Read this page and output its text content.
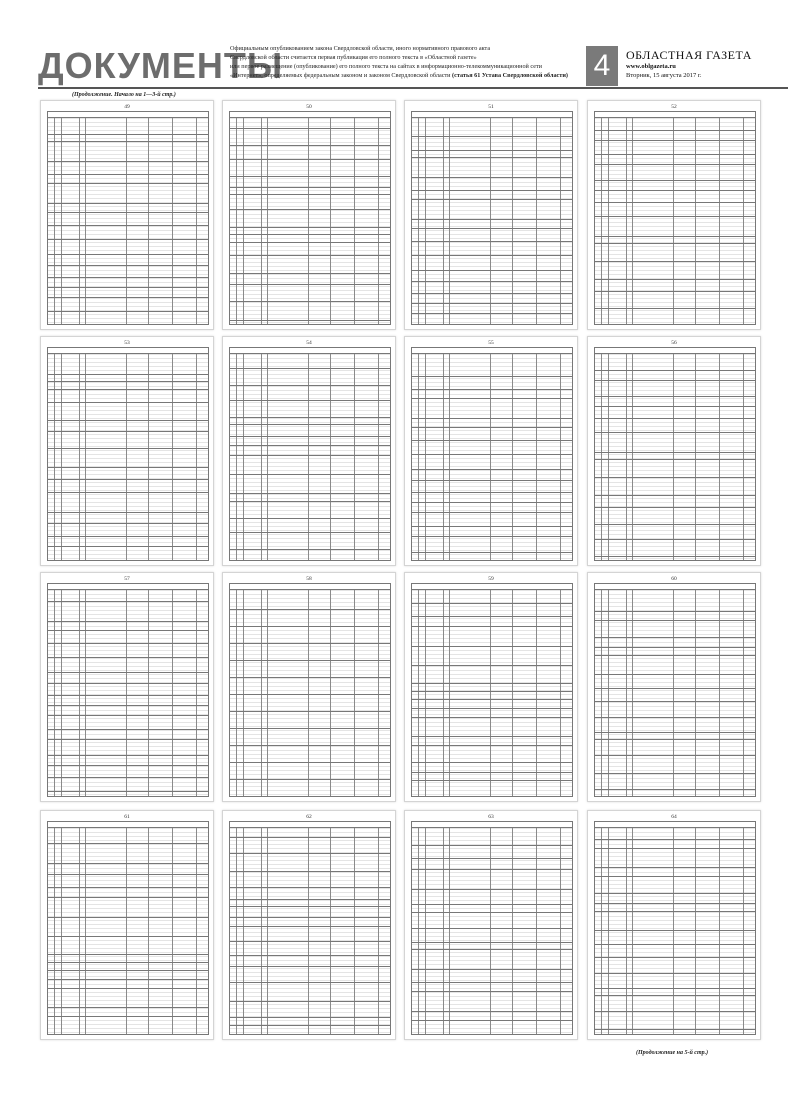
ДОКУМЕНТЫ
Официальным опубликованием закона Свердловской области, иного нормативного правового акта
Свердловской области считается первая публикация его полного текста в «Областной газете»
или первое размещение (опубликование) его полного текста на сайтах в информационно-телекоммуникационной сети
«Интернет», определяемых федеральным законом и законом Свердловской области (статья 61 Устава Свердловской области) 4	ОБЛАСТНАЯ ГАЗЕТА
www.oblgazeta.ru
Вторник, 15 августа 2017 г.
(Продолжение. Начало на 1—3-й стр.)
49	50	51	52
53	54	55	56
57	58	59	60
61	62	63	64
(Продолжение на 5-й стр.)
